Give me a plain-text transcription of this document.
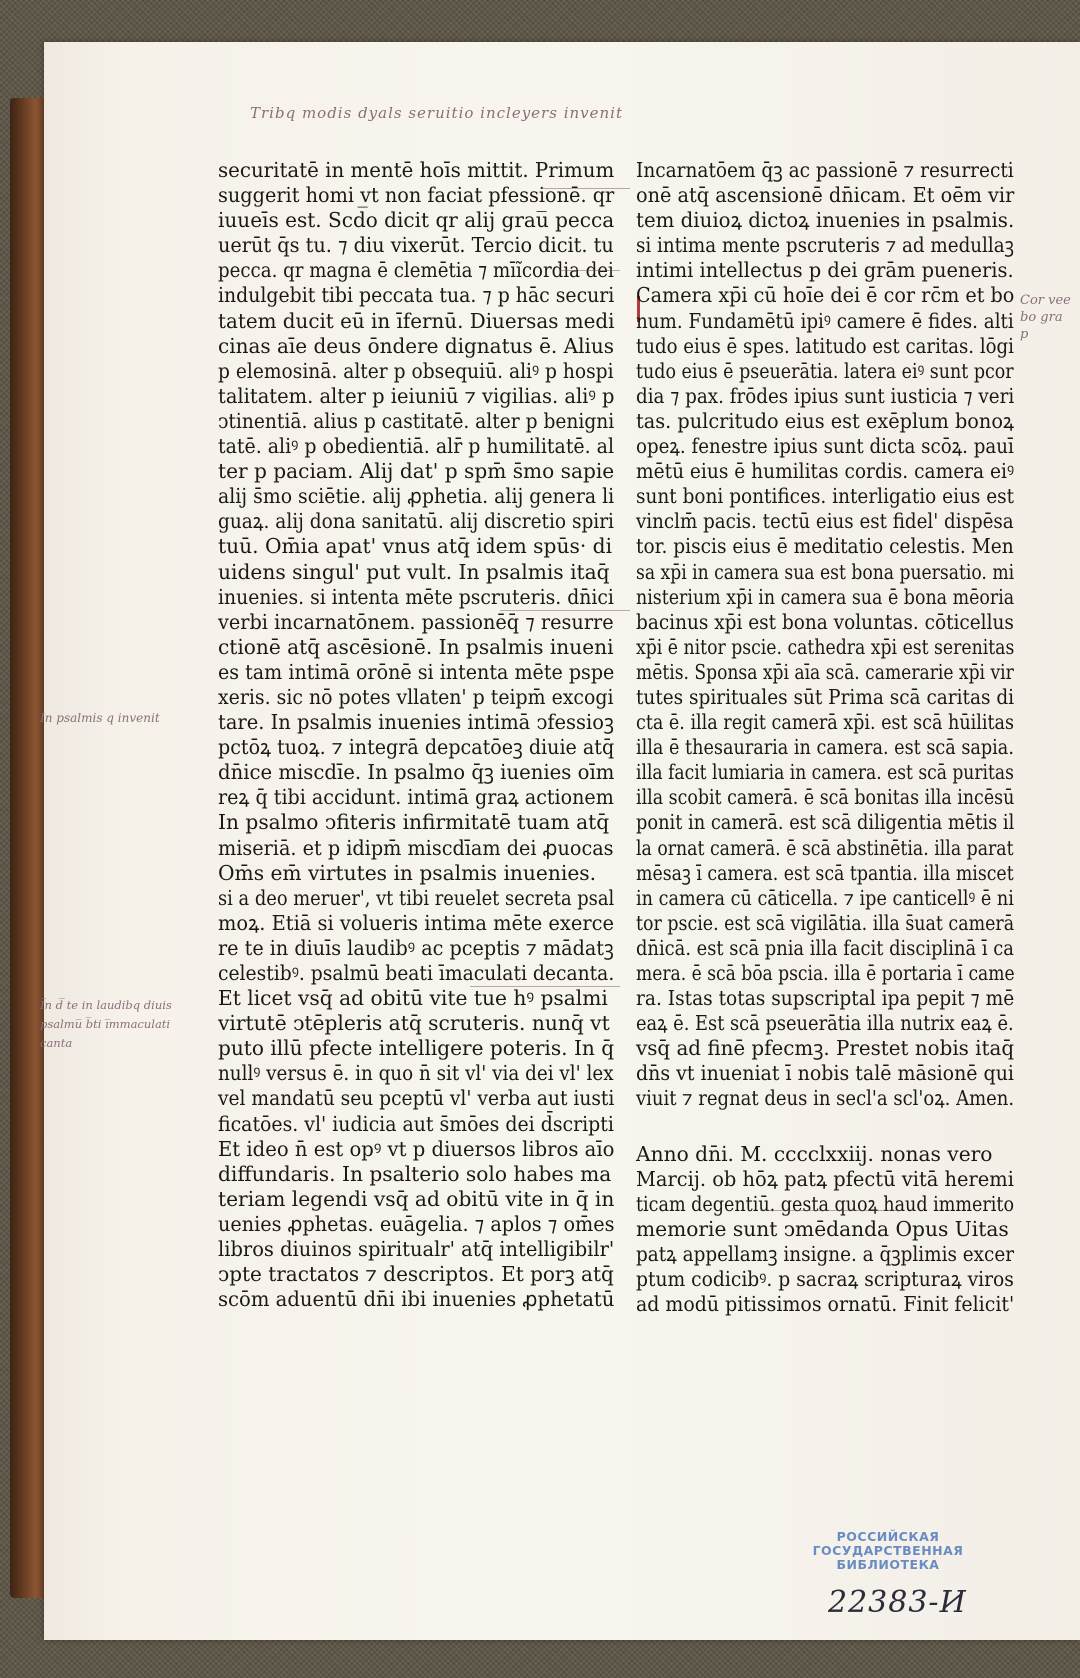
Tribq modis dyals seruitio incleyers invenit
securitatē in mentē hoīs mittit. Primum
suggerit homi vt non faciat pfessionē. qr
iuueīs est. Scd̅o dicit qr alij grau̅ pecca
uerūt q̄s tu. ⁊ diu vixerūt. Tercio dicit. tu
pecca. qr magna ē clemētia ⁊ mīĩcordia dei
indulgebit tibi peccata tua. ⁊ p hāc securi
tatem ducit eū in īfernū. Diuersas medi
cinas aīe deus ōndere dignatus ē. Alius
p elemosinā. alter p obsequiū. aliꝰ p hospi
talitatem. alter p ieiuniū ⁊ vigilias. aliꝰ p
ↄtinentiā. alius p castitatē. alter p benigni
tatē. aliꝰ p obedientiā. alr̄ p humilitatē. al
ter p paciam. Alij dat' p spm̄ s̄mo sapie
alij s̄mo sciētie. alij ꝓphetia. alij genera li
guaꝝ. alij dona sanitatū. alij discretio spiri
tuū. Om̄ia apat' vnus atq̄ idem spūs· di
uidens singul' put vult. In psalmis itaq̄
inuenies. si intenta mēte pscruteris. dn̄ici
verbi incarnatōnem. passionēq̄ ⁊ resurre
ctionē atq̄ ascēsionē. In psalmis inueni
es tam intimā orōnē si intenta mēte pspe
xeris. sic nō potes vllaten' p teipm̄ excogi
tare. In psalmis inuenies intimā ↄfessioꝫ
pctōꝝ tuoꝝ. ⁊ integrā depcatōeꝫ diuie atq̄
dn̄ice miscdīe. In psalmo q̄ꝫ iuenies oīm
reꝝ q̄ tibi accidunt. intimā graꝝ actionem
In psalmo ↄfiteris infirmitatē tuam atq̄
miseriā. et p idipm̄ miscdīam dei ꝓuocas
Om̄s em̄ virtutes in psalmis inuenies.
si a deo meruer', vt tibi reuelet secreta psal
moꝝ. Etiā si volueris intima mēte exerce
re te in diuīs laudibꝰ ac pceptis ⁊ mādatꝫ
celestibꝰ. psalmū beati īmaculati decanta.
Et licet vsq̄ ad obitū vite tue hꝰ psalmi
virtutē ↄtēpleris atq̄ scruteris. nunq̄ vt
puto illū pfecte intelligere poteris. In q̄
nullꝰ versus ē. in quo n̄ sit vl' via dei vl' lex
vel mandatū seu pceptū vl' verba aut iusti
ficatōes. vl' iudicia aut s̄mōes dei d̄scripti
Et ideo n̄ est opꝰ vt p diuersos libros aīo
diffundaris. In psalterio solo habes ma
teriam legendi vsq̄ ad obitū vite in q̄ in
uenies ꝓphetas. euāgelia. ⁊ aplos ⁊ om̄es
libros diuinos spiritualr' atq̄ intelligibilr'
ↄpte tractatos ⁊ descriptos. Et porꝫ atq̄
scōm aduentū dn̄i ibi inuenies ꝓphetatū
Incarnatōem q̄ꝫ ac passionē ⁊ resurrecti
onē atq̄ ascensionē dn̄icam. Et oēm vir
tem diuioꝝ dictoꝝ inuenies in psalmis.
si intima mente pscruteris ⁊ ad medullaꝫ
intimi intellectus p dei grām pueneris.
Camera xp̄i cū hoīe dei ē cor rc̄m et bo
num. Fundamētū ipiꝰ camere ē fides. alti
tudo eius ē spes. latitudo est caritas. lōgi
tudo eius ē pseuerātia. latera eiꝰ sunt pcor
dia ⁊ pax. frōdes ipius sunt iusticia ⁊ veri
tas. pulcritudo eius est exēplum bonoꝝ
opeꝝ. fenestre ipius sunt dicta scōꝝ. pauī
mētū eius ē humilitas cordis. camera eiꝰ
sunt boni pontifices. interligatio eius est
vinclm̄ pacis. tectū eius est fidel' dispēsa
tor. piscis eius ē meditatio celestis. Men
sa xp̄i in camera sua est bona puersatio. mi
nisterium xp̄i in camera sua ē bona mēoria
bacinus xp̄i est bona voluntas. cōticellus
xp̄i ē nitor pscie. cathedra xp̄i est serenitas
mētis. Sponsa xp̄i aīa scā. camerarie xp̄i vir
tutes spirituales sūt Prima scā caritas di
cta ē. illa regit camerā xp̄i. est scā hūilitas
illa ē thesauraria in camera. est scā sapia.
illa facit lumiaria in camera. est scā puritas
illa scobit camerā. ē scā bonitas illa incēsū
ponit in camerā. est scā diligentia mētis il
la ornat camerā. ē scā abstinētia. illa parat
mēsaꝫ ī camera. est scā tpantia. illa miscet
in camera cū cāticella. ⁊ ipe canticellꝰ ē ni
tor pscie. est scā vigilātia. illa s̄uat camerā
dn̄icā. est scā pnia illa facit disciplinā ī ca
mera. ē scā bōa pscia. illa ē portaria ī came
ra. Istas totas supscriptal ipa pepit ⁊ mē
eaꝝ ē. Est scā pseuerātia illa nutrix eaꝝ ē.
vsq̄ ad finē pfecmꝫ. Prestet nobis itaq̄
dn̄s vt inueniat ī nobis talē māsionē qui
viuit ⁊ regnat deus in secl'a scl'oꝝ. Amen.
Anno dn̄i. M. cccclxxiij. nonas vero
Marcij. ob hōꝝ patꝝ pfectū vitā heremi
ticam degentiū. gesta quoꝝ haud immerito
memorie sunt ↄmēdanda Opus Uitas
patꝝ appellamꝫ insigne. a q̄ꝫplimis excer
ptum codicibꝰ. p sacraꝝ scripturaꝝ viros
ad modū pitissimos ornatū. Finit felicit'
Cor vee
bo gra
p
In psalmis q invenit
I̅n d̅ te in laudibq diuis
psalmu̅ b̅ti i̅mmaculati
canta
РОССИЙСКАЯ
ГОСУДАРСТВЕННАЯ
БИБЛИОТЕКА
22383-И
